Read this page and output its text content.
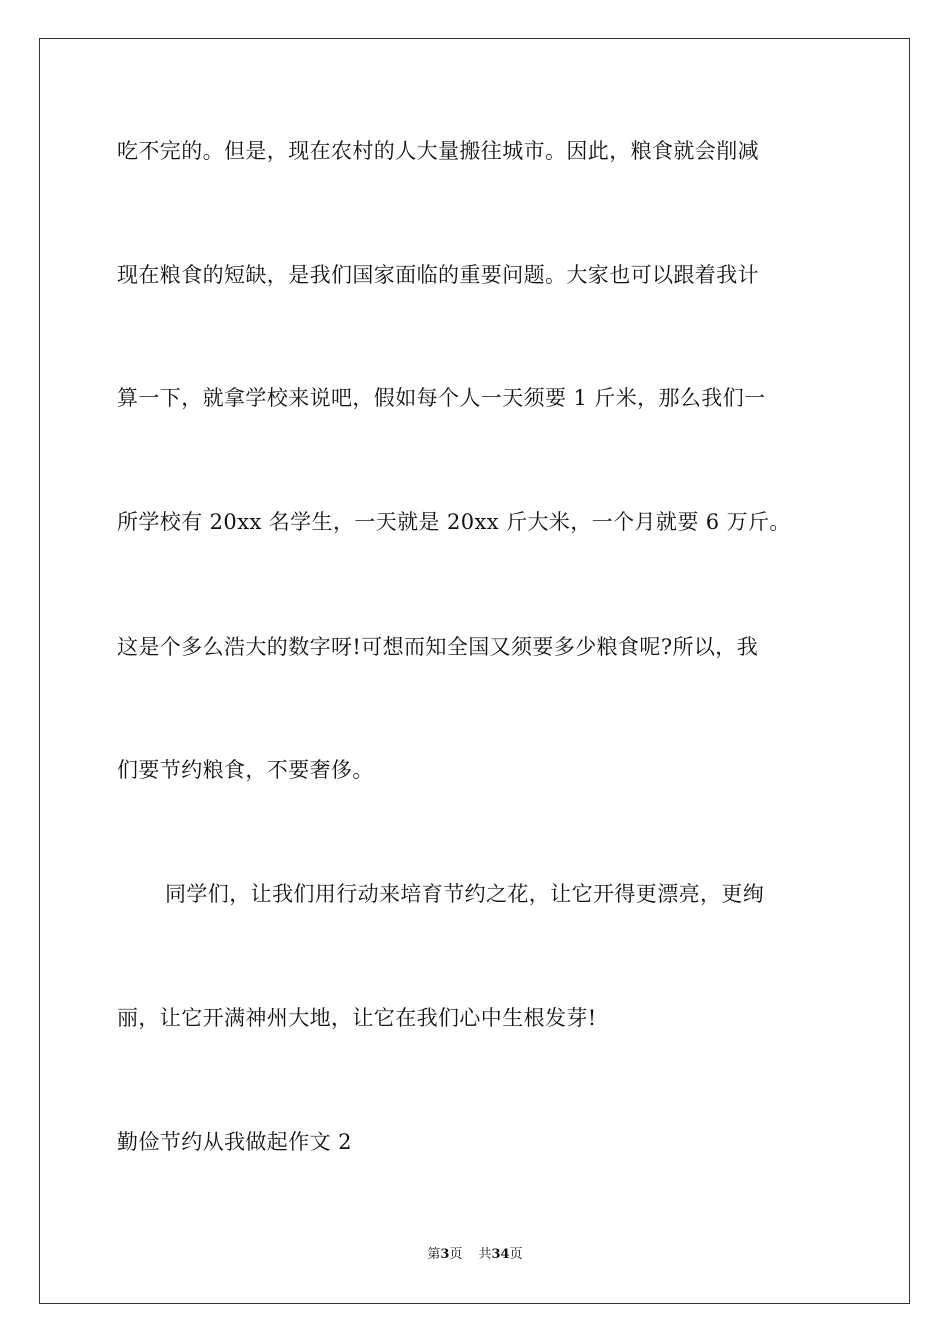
吃不完的。但是，现在农村的人大量搬往城市。因此，粮食就会削减
现在粮食的短缺，是我们国家面临的重要问题。大家也可以跟着我计
算一下，就拿学校来说吧，假如每个人一天须要 1 斤米，那么我们一
所学校有 20xx 名学生，一天就是 20xx 斤大米，一个月就要 6 万斤。
这是个多么浩大的数字呀!可想而知全国又须要多少粮食呢?所以，我
们要节约粮食，不要奢侈。
同学们，让我们用行动来培育节约之花，让它开得更漂亮，更绚
丽，让它开满神州大地，让它在我们心中生根发芽!
勤俭节约从我做起作文 2
第3页 共34页
